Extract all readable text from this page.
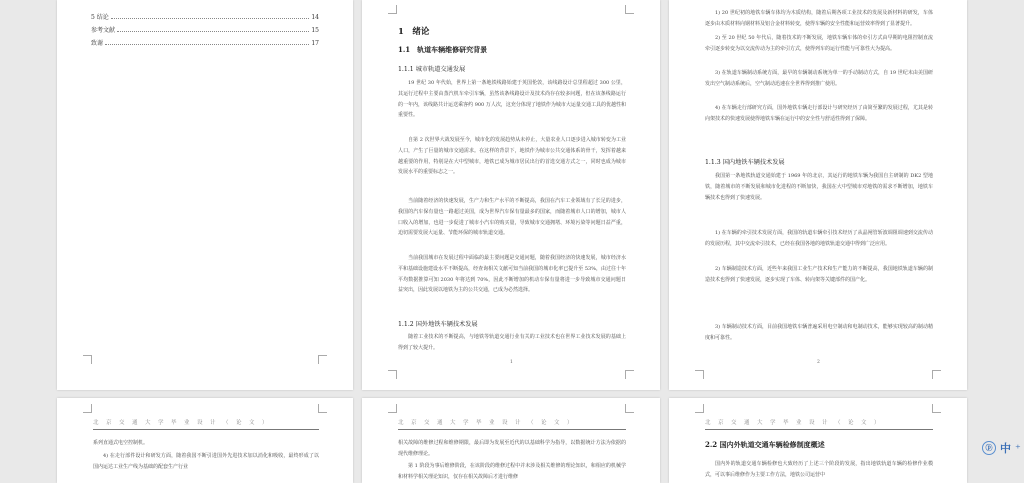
5 结论	14
参考文献	15
致谢	17
1　绪论
1.1　轨道车辆维修研究背景
1.1.1 城市轨道交通发展
19 世纪 30 年代始，世界上第一条地铁线路始建于英国伦敦，该线路设计总里程超过 300 公里，其运行过程中主要由蒸汽机车牵引车辆，虽然该条线路设计及技术尚存在较多问题，但在该条线路运行的一年内，该线路共计运送乘客约 900 万人次，这充分体现了地铁作为城市大运量交通工具的优越性和重要性。
自第 2 次世界大战发展至今，城市化的发展趋势从未停止，大量农业人口逐步进入城市转变为工业人口，产生了巨量的城市交通需求。在这样的背景下，地铁作为城市公共交通体系的骨干，发挥着越来越重要的作用，特别是在大中型城市，地铁已成为城市居民出行的首选交通方式之一，同时也成为城市发展水平的重要标志之一。
当前随着经济的快速发展，生产力和生产水平的不断提高，我国在汽车工业领域有了长足的进步，我国的汽车保有量也一路超过美国，成为世界汽车保有量最多的国家，而随着城市人口的增加，城市人口收入的增加，也进一步促进了城市小汽车的购买量，导致城市交通拥堵、环境污染等问题日益严重，迫切需要发展大运量、节能环保的城市轨道交通。
当前我国城市在发展过程中面临的最主要问题是交通问题，随着我国经济的快速发展，城市经济水平和基础设施建设水平不断提高，经查询相关文献可知当前我国的城市化率已提升至 53%，由过往十年平均数据推算可知 2030 年将达到 70%，因此不断增加的机动车保有量将进一步导致城市交通问题日益突出，因此发展以地铁为主的公共交通，已成为必然选择。
1.1.2 国外地铁车辆技术发展
随着工业技术的不断提高，与地铁等轨道交通行业有关的工业技术也在世界工业技术发展的基础上得到了较大提升。
1
1) 20 世纪初的地铁车辆车体均为木质结构，随着后期各项工业技术的发展及新材料的研发，车体逐步由木质材料向钢材料及铝合金材料转变，使得车辆的安全性能和运营效率得到了显著提升。
2) 至 20 世纪 50 年代后，随着技术的不断发展，地铁车辆车体的牵引方式由早期的电阻控制直流牵引逐步转变为以交流传动为主的牵引方式，使得列车的运行性能与可靠性大为提高。
3) 在轨道车辆制动系统方面，最早的车辆制动系统为单一的手动制动方式，自 19 世纪末由美国研发出空气制动系统后，空气制动迅速在全世界得到推广使用。
4) 在车辆走行部研究方面，国外地铁车辆走行部设计与研究经历了由简至繁的发展过程，尤其是转向架技术的快速发展使得地铁车辆在运行中的安全性与舒适性得到了保障。
1.1.3 国内地铁车辆技术发展
我国第一条地铁轨道交通始建于 1969 年的北京，其运行的地铁车辆为我国自主研制的 DK2 型地铁，随着城市的不断发展和城市化进程的不断加快，我国在大中型城市对地铁的需求不断增加，地铁车辆技术也得到了快速发展。
1) 在车辆的牵引技术发展方面，我国的轨道车辆牵引技术经历了从晶闸管斩波调阻调速到交流传动的发展历程，其中交流牵引技术，已经在我国各地的地铁轨道交通中得到广泛应用。
2) 车辆制造技术方面，近些年来我国工业生产技术和生产能力的不断提高，我国地铁轨道车辆的制造技术也得到了快速发展，逐步实现了车体、转向架等关键部件的国产化。
3) 车辆制动技术方面，目前我国地铁车辆普遍采用电空制动和电制动技术，能够实现较高的制动精度和可靠性。
2
北京交通大学毕业设计（论文）
系列直通式电空控制机。
4) 在走行部件设计和研发方面，随着我国不断引进国外先进技术加以消化和吸收，最终形成了以国内运达工业生产线为基础的配套生产行业
北京交通大学毕业设计（论文）
相关故障的维修过程和维修期限，最后即为发展至近代的以基础科学为指导，以数据统计方法为依据的现代维修理论。
第 1 阶段为事后维修阶段，在该阶段的维修过程中并未涉及相关维修的理论知识，和相应的机械学和材料学相关理论知识，仅存在相关故障后才进行维修
北京交通大学毕业设计（论文）
2.2 国内外轨道交通车辆检修制度概述
国内外的轨道交通车辆检修也大致经历了上述三个阶段的发展，指出地铁轨道车辆的检修作业模式，可以事后维修作为主要工作方法，地铁公司运营中
ⓟ 中 ⁺
